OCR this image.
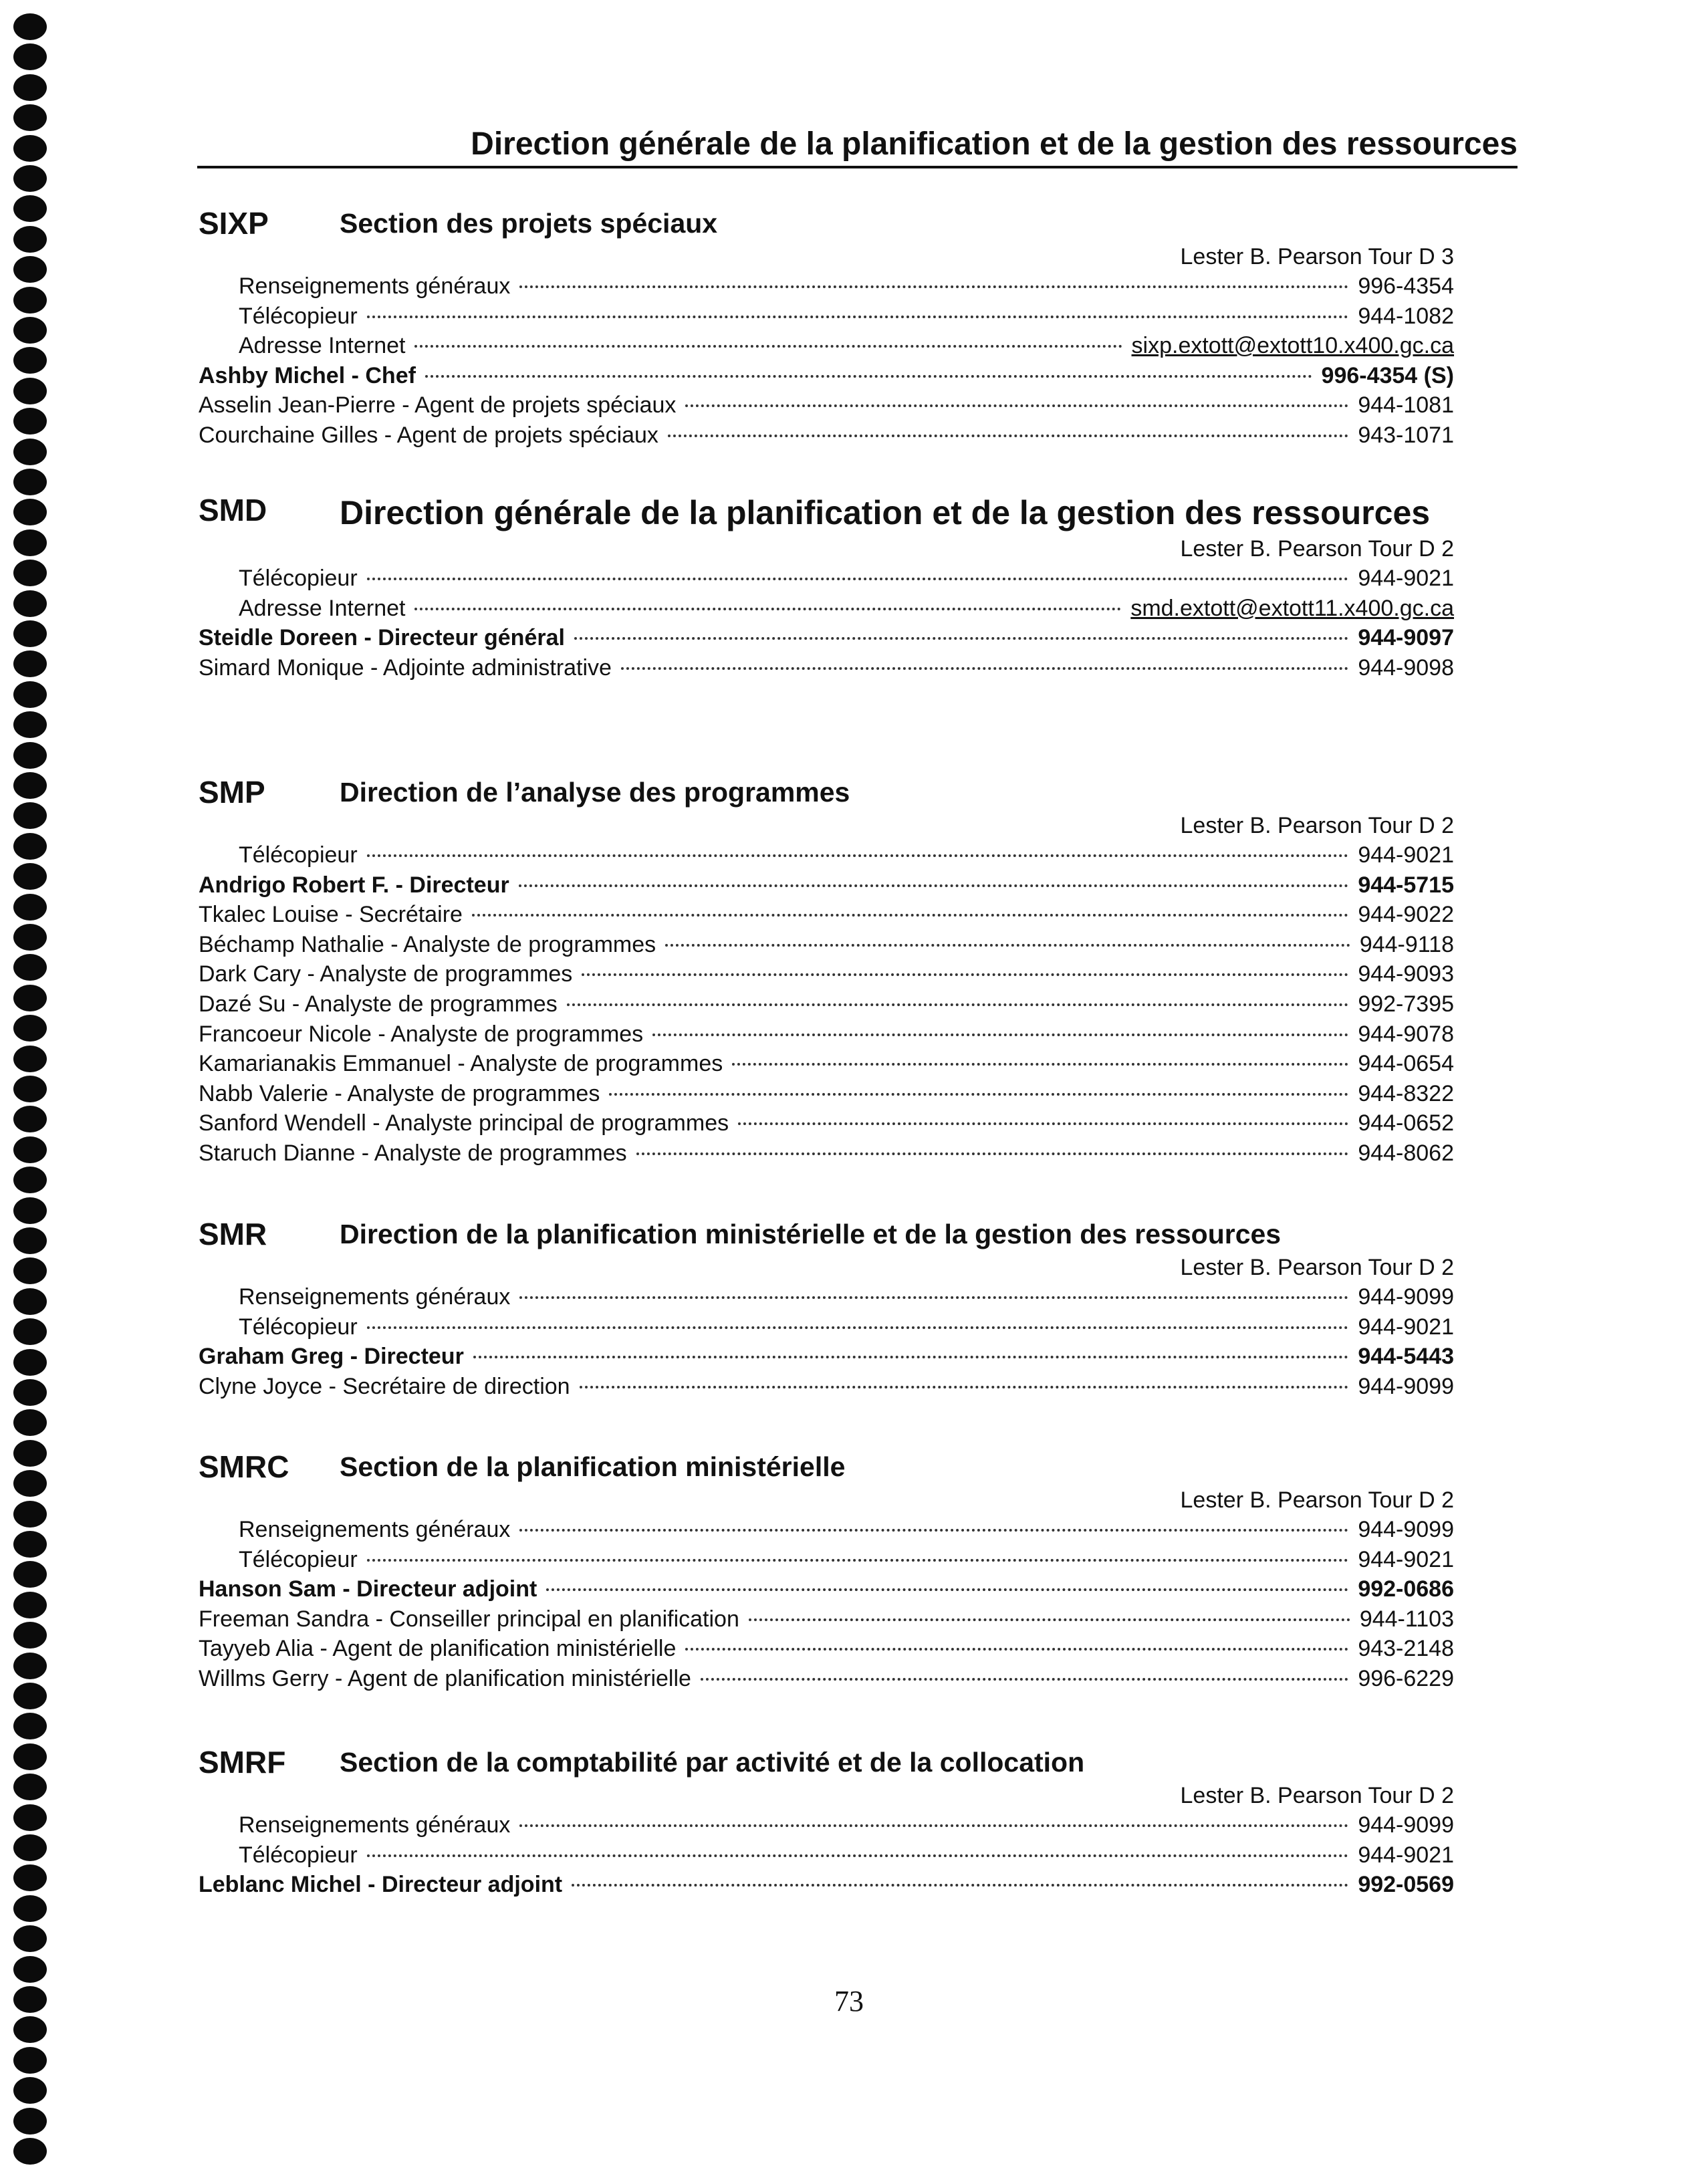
Direction générale de la planification et de la gestion des ressources
SIXP	Section des projets spéciaux
Lester B. Pearson Tour D 3
Renseignements généraux	996-4354
Télécopieur	944-1082
Adresse Internet	sixp.extott@extott10.x400.gc.ca
Ashby Michel - Chef	996-4354 (S)
Asselin Jean-Pierre - Agent de projets spéciaux	944-1081
Courchaine Gilles - Agent de projets spéciaux	943-1071
SMD	Direction générale de la planification et de la gestion des ressources
Lester B. Pearson Tour D 2
Télécopieur	944-9021
Adresse Internet	smd.extott@extott11.x400.gc.ca
Steidle Doreen - Directeur général	944-9097
Simard Monique - Adjointe administrative	944-9098
SMP	Direction de l’analyse des programmes
Lester B. Pearson Tour D 2
Télécopieur	944-9021
Andrigo Robert F. - Directeur	944-5715
Tkalec Louise - Secrétaire	944-9022
Béchamp Nathalie - Analyste de programmes	944-9118
Dark Cary - Analyste de programmes	944-9093
Dazé Su - Analyste de programmes	992-7395
Francoeur Nicole - Analyste de programmes	944-9078
Kamarianakis Emmanuel - Analyste de programmes	944-0654
Nabb Valerie - Analyste de programmes	944-8322
Sanford Wendell - Analyste principal de programmes	944-0652
Staruch Dianne - Analyste de programmes	944-8062
SMR	Direction de la planification ministérielle et de la gestion des ressources
Lester B. Pearson Tour D 2
Renseignements généraux	944-9099
Télécopieur	944-9021
Graham Greg - Directeur	944-5443
Clyne Joyce - Secrétaire de direction	944-9099
SMRC	Section de la planification ministérielle
Lester B. Pearson Tour D 2
Renseignements généraux	944-9099
Télécopieur	944-9021
Hanson Sam - Directeur adjoint	992-0686
Freeman Sandra - Conseiller principal en planification	944-1103
Tayyeb Alia - Agent de planification ministérielle	943-2148
Willms Gerry - Agent de planification ministérielle	996-6229
SMRF	Section de la comptabilité par activité et de la collocation
Lester B. Pearson Tour D 2
Renseignements généraux	944-9099
Télécopieur	944-9021
Leblanc Michel - Directeur adjoint	992-0569
73
